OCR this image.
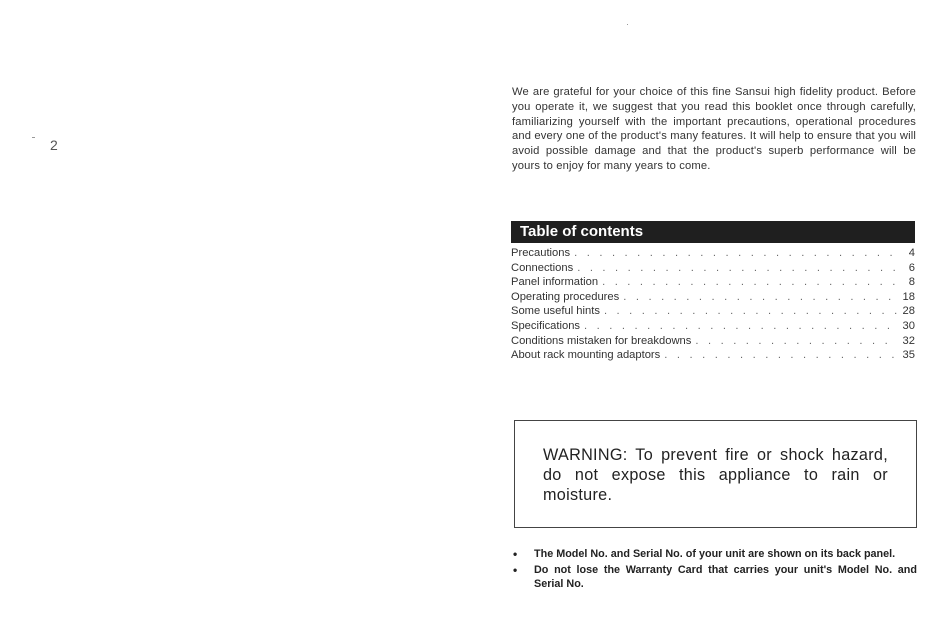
2

We are grateful for your choice of this fine Sansui high fidelity product. Before you operate it, we suggest that you read this booklet once through carefully, familiarizing yourself with the important precautions, operational procedures and every one of the product's many features. It will help to ensure that you will avoid possible damage and that the product's superb performance will be yours to enjoy for many years to come.

Table of contents
Precautions . . .	4
Connections . . .	6
Panel information . . .	8
Operating procedures . . .	18
Some useful hints . . .	28
Specifications . . .	30
Conditions mistaken for breakdowns . . .	32
About rack mounting adaptors . . .	35
WARNING: To prevent fire or shock hazard, do not expose this appliance to rain or moisture.
• The Model No. and Serial No. of your unit are shown on its back panel.
• Do not lose the Warranty Card that carries your unit's Model No. and Serial No.
